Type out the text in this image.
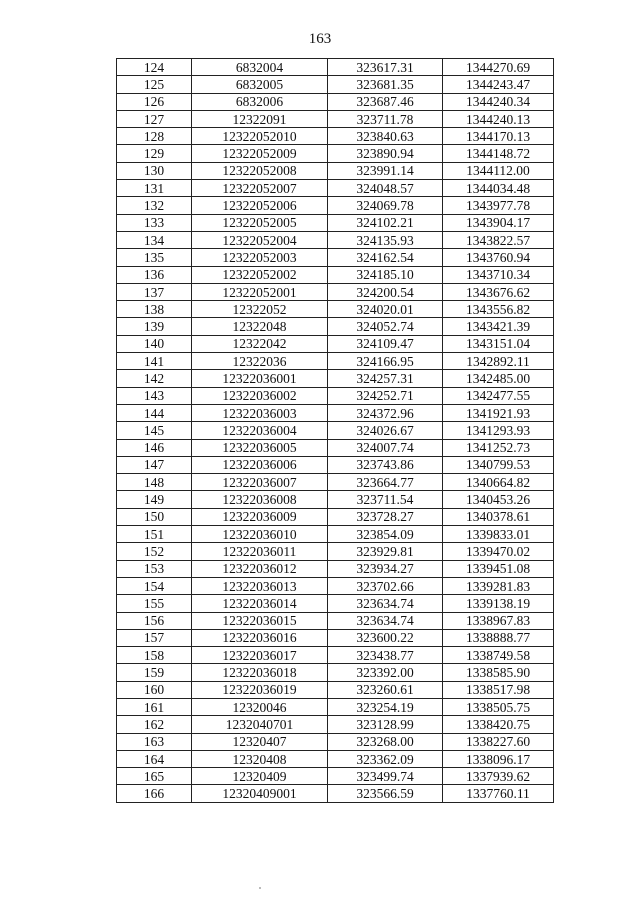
163
124	6832004	323617.31	1344270.69
125	6832005	323681.35	1344243.47
126	6832006	323687.46	1344240.34
127	12322091	323711.78	1344240.13
128	12322052010	323840.63	1344170.13
129	12322052009	323890.94	1344148.72
130	12322052008	323991.14	1344112.00
131	12322052007	324048.57	1344034.48
132	12322052006	324069.78	1343977.78
133	12322052005	324102.21	1343904.17
134	12322052004	324135.93	1343822.57
135	12322052003	324162.54	1343760.94
136	12322052002	324185.10	1343710.34
137	12322052001	324200.54	1343676.62
138	12322052	324020.01	1343556.82
139	12322048	324052.74	1343421.39
140	12322042	324109.47	1343151.04
141	12322036	324166.95	1342892.11
142	12322036001	324257.31	1342485.00
143	12322036002	324252.71	1342477.55
144	12322036003	324372.96	1341921.93
145	12322036004	324026.67	1341293.93
146	12322036005	324007.74	1341252.73
147	12322036006	323743.86	1340799.53
148	12322036007	323664.77	1340664.82
149	12322036008	323711.54	1340453.26
150	12322036009	323728.27	1340378.61
151	12322036010	323854.09	1339833.01
152	12322036011	323929.81	1339470.02
153	12322036012	323934.27	1339451.08
154	12322036013	323702.66	1339281.83
155	12322036014	323634.74	1339138.19
156	12322036015	323634.74	1338967.83
157	12322036016	323600.22	1338888.77
158	12322036017	323438.77	1338749.58
159	12322036018	323392.00	1338585.90
160	12322036019	323260.61	1338517.98
161	12320046	323254.19	1338505.75
162	1232040701	323128.99	1338420.75
163	12320407	323268.00	1338227.60
164	12320408	323362.09	1338096.17
165	12320409	323499.74	1337939.62
166	12320409001	323566.59	1337760.11
